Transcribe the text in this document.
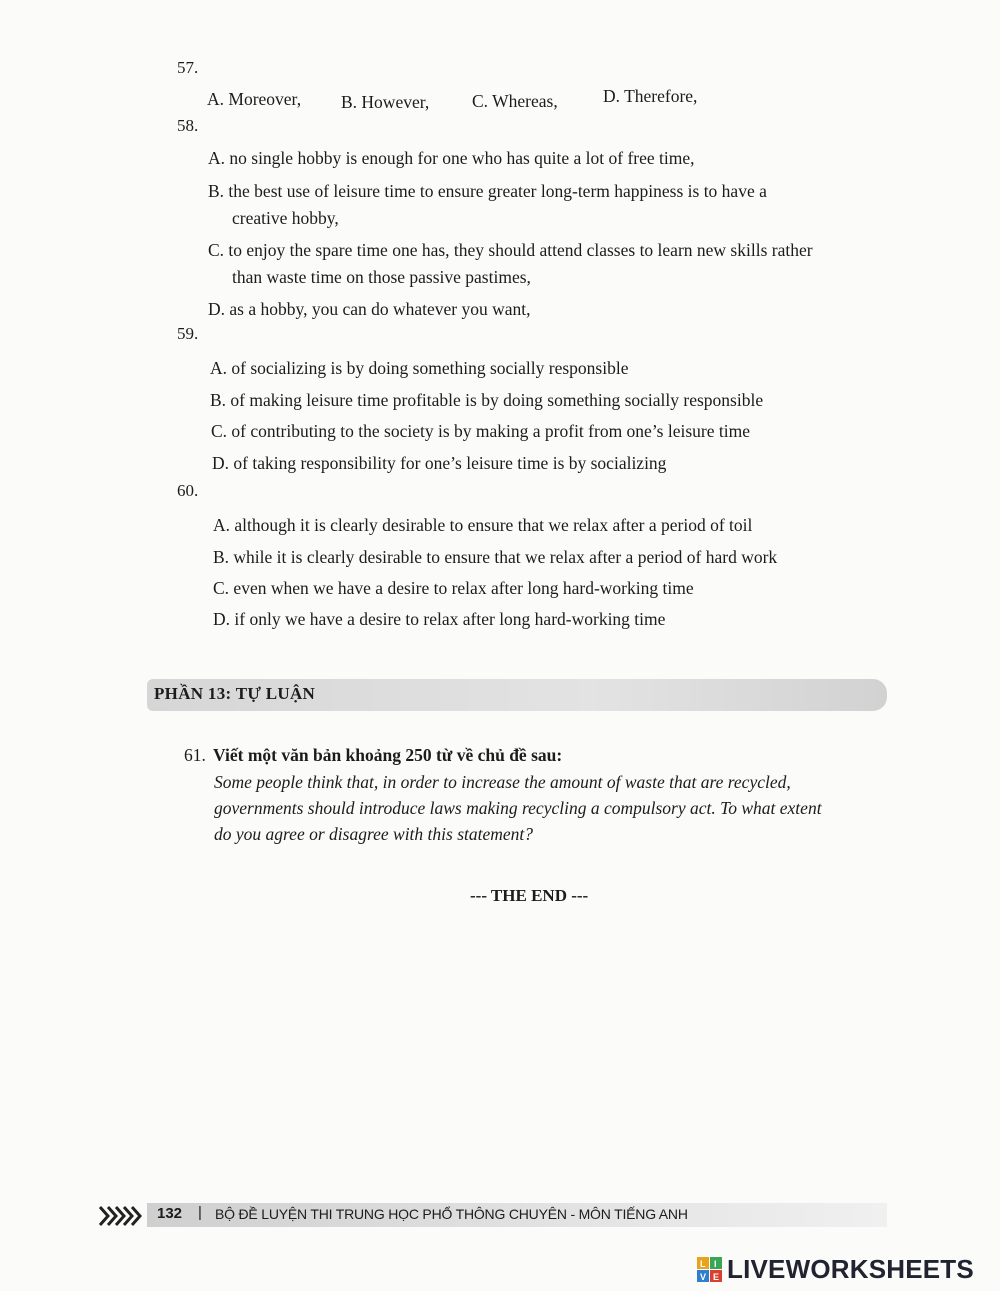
57.
A. Moreover, B. However, C. Whereas,	D. Therefore,
58.
A. no single hobby is enough for one who has quite a lot of free time,
B. the best use of leisure time to ensure greater long-term happiness is to have a
creative hobby,
C. to enjoy the spare time one has, they should attend classes to learn new skills rather
than waste time on those passive pastimes,
D. as a hobby, you can do whatever you want,
59.
A. of socializing is by doing something socially responsible
B. of making leisure time profitable is by doing something socially responsible
C. of contributing to the society is by making a profit from one’s leisure time
D. of taking responsibility for one’s leisure time is by socializing
60.
A. although it is clearly desirable to ensure that we relax after a period of toil
B. while it is clearly desirable to ensure that we relax after a period of hard work
C. even when we have a desire to relax after long hard-working time
D. if only we have a desire to relax after long hard-working time
PHẦN 13: TỰ LUẬN
61. Viết một văn bản khoảng 250 từ về chủ đề sau:
Some people think that, in order to increase the amount of waste that are recycled,
governments should introduce laws making recycling a compulsory act. To what extent
do you agree or disagree with this statement?
--- THE END ---
132 | BỘ ĐỀ LUYỆN THI TRUNG HỌC PHỔ THÔNG CHUYÊN - MÔN TIẾNG ANH
L I
V E LIVEWORKSHEETS
